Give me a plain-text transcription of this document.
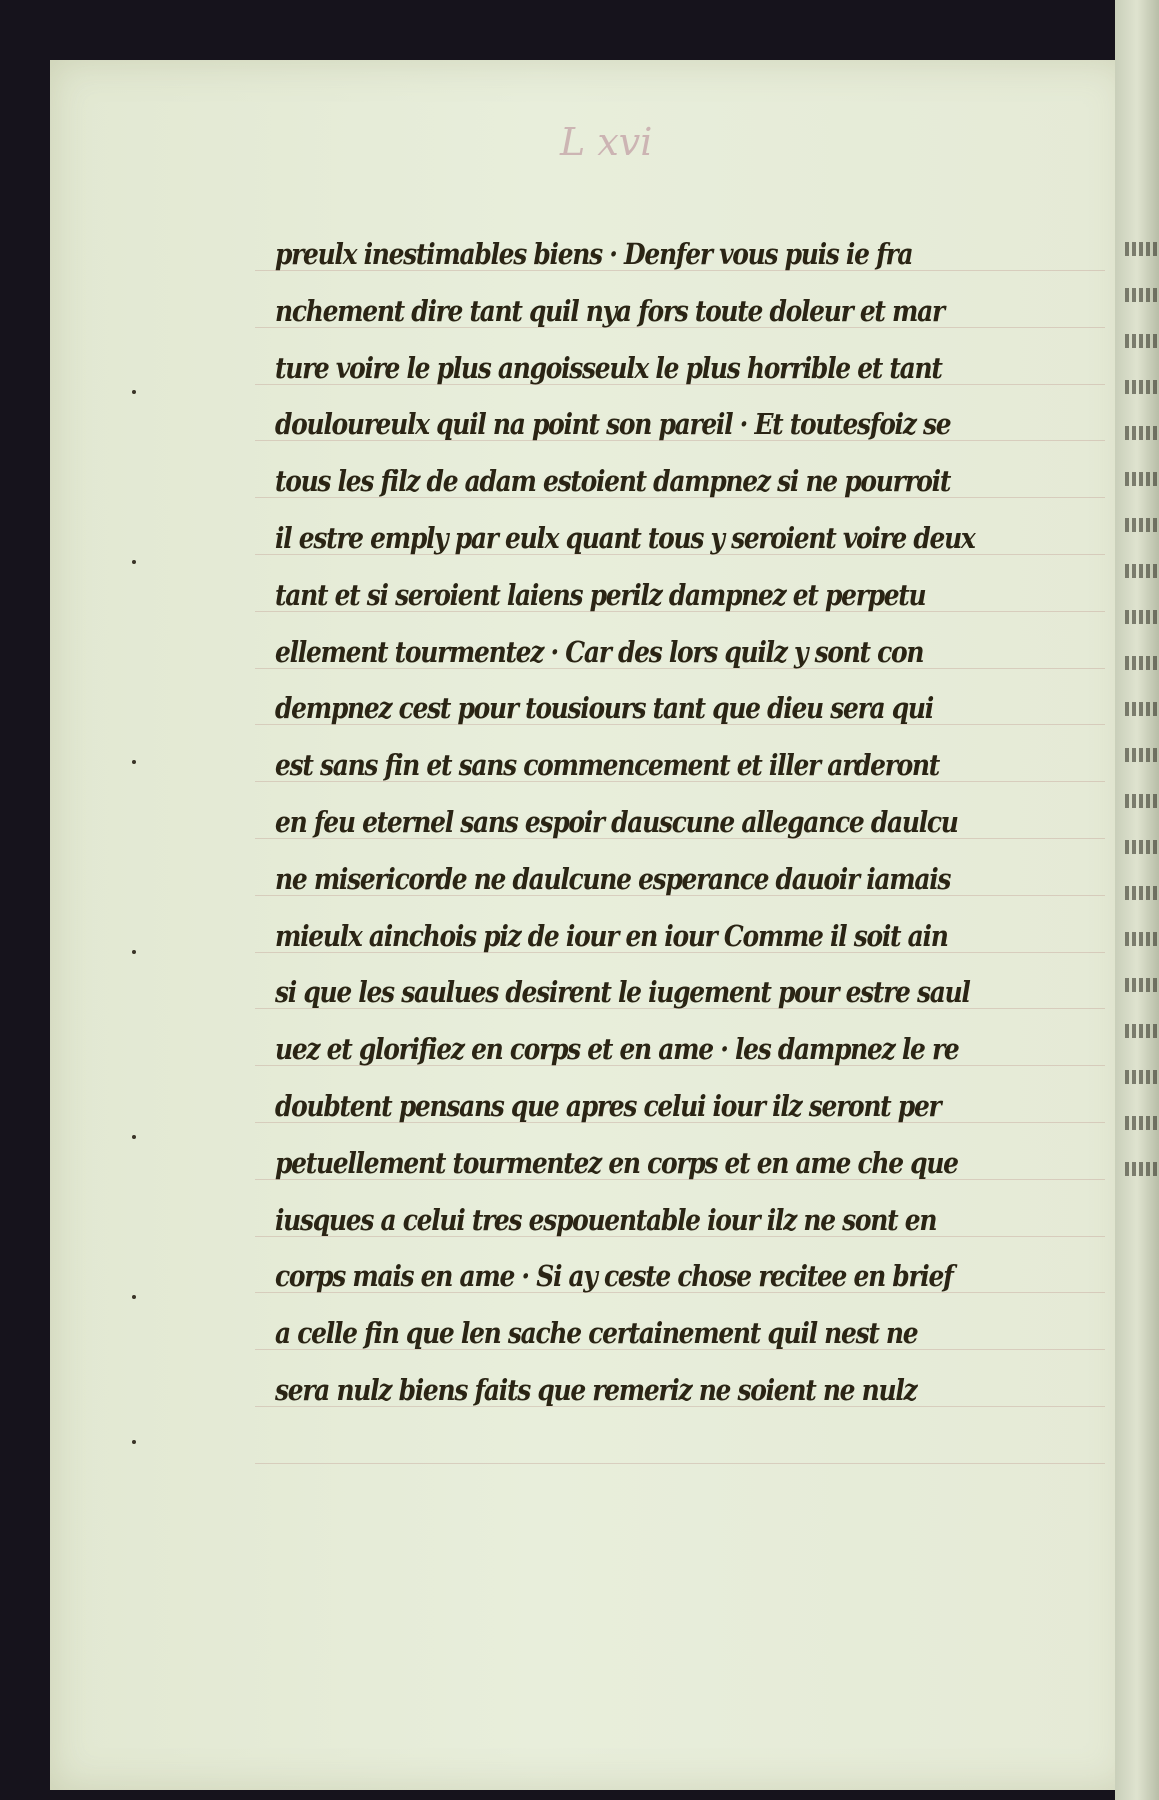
L xvi
preulx inestimables biens · Denfer vous puis ie fra
nchement dire tant quil nya fors toute doleur et mar
ture voire le plus angoisseulx le plus horrible et tant
douloureulx quil na point son pareil · Et toutesfoiz se
tous les filz de adam estoient dampnez si ne pourroit
il estre emply par eulx quant tous y seroient voire deux
tant et si seroient laiens perilz dampnez et perpetu
ellement tourmentez · Car des lors quilz y sont con
dempnez cest pour tousiours tant que dieu sera qui
est sans fin et sans commencement et iller arderont
en feu eternel sans espoir dauscune allegance daulcu
ne misericorde ne daulcune esperance dauoir iamais
mieulx ainchois piz de iour en iour Comme il soit ain
si que les saulues desirent le iugement pour estre saul
uez et glorifiez en corps et en ame · les dampnez le re
doubtent pensans que apres celui iour ilz seront per
petuellement tourmentez en corps et en ame che que
iusques a celui tres espouentable iour ilz ne sont en
corps mais en ame · Si ay ceste chose recitee en brief
a celle fin que len sache certainement quil nest ne
sera nulz biens faits que remeriz ne soient ne nulz
